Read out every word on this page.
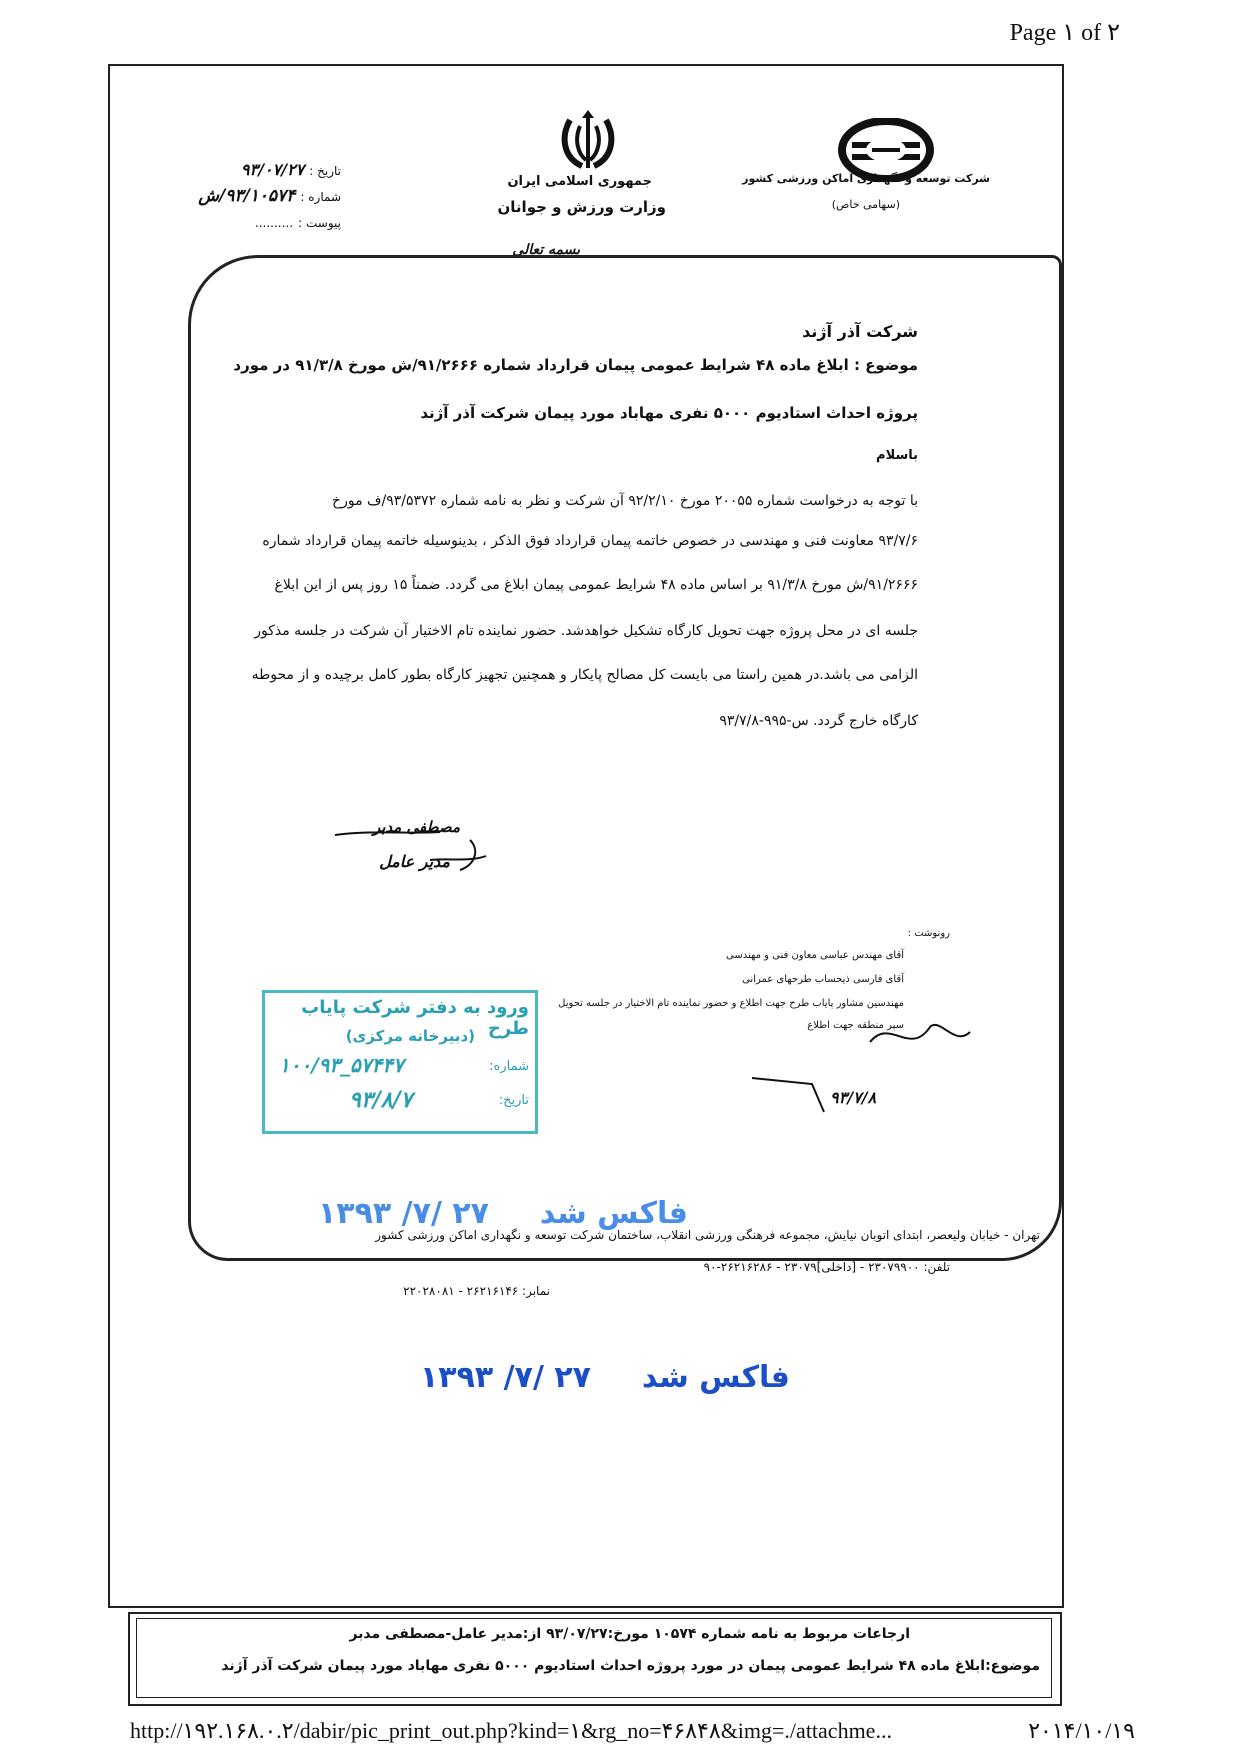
Page ۱ of ۲
شرکت توسعه و نگهداری اماکن ورزشی کشور
(سهامی خاص)
جمهوری اسلامی ایران
وزارت ورزش و جوانان
تاریخ : ۹۳/۰۷/۲۷
شماره : ۹۳/۱۰۵۷۴/ش
پیوست : ..........
بسمه تعالی
شرکت آذر آژند
موضوع : ابلاغ ماده ۴۸ شرایط عمومی پیمان قرارداد شماره ۹۱/۲۶۶۶/ش مورخ ۹۱/۳/۸ در مورد
پروژه احداث استادیوم ۵۰۰۰ نفری مهاباد مورد پیمان شرکت آذر آژند
باسلام
با توجه به درخواست شماره ۲۰۰۵۵ مورخ ۹۲/۲/۱۰ آن شرکت و نظر به نامه شماره ۹۳/۵۳۷۲/ف مورخ
۹۳/۷/۶ معاونت فنی و مهندسی در خصوص خاتمه پیمان قرارداد فوق الذکر ، بدینوسیله خاتمه پیمان قرارداد شماره
۹۱/۲۶۶۶/ش مورخ ۹۱/۳/۸ بر اساس ماده ۴۸ شرایط عمومی پیمان ابلاغ می گردد. ضمناً ۱۵ روز پس از این ابلاغ
جلسه ای در محل پروژه جهت تحویل کارگاه تشکیل خواهدشد. حضور نماینده تام الاختیار آن شرکت در جلسه مذکور
الزامی می باشد.در همین راستا می بایست کل مصالح پایکار و همچنین تجهیز کارگاه بطور کامل برچیده و از محوطه
کارگاه خارج گردد. س-۹۹۵-۹۳/۷/۸
مصطفی مدبر
مدیر عامل
رونوشت :
آقای مهندس عباسی معاون فنی و مهندسی
آقای فارسی ذیحساب طرحهای عمرانی
مهندسین مشاور پایاب طرح جهت اطلاع و حضور نماینده تام الاختیار در جلسه تحویل
سپر منطقه جهت اطلاع
۹۳/۷/۸
ورود به دفتر شرکت پایاب طرح
(دبیرخانه مرکزی)
شماره:
۱۰۰/۹۳_۵۷۴۴۷
تاریخ:
۹۳/۸/۷
۱۳۹۳ /۷/ ۲۷ فاکس شد
تهران - خیابان ولیعصر، ابتدای اتوبان نیایش، مجموعه فرهنگی ورزشی انقلاب، ساختمان شرکت توسعه و نگهداری اماکن ورزشی کشور
تلفن: ۲۳۰۷۹۹۰۰ - [داخلی]۲۳۰۷۹ - ۲۶۲۱۶۲۸۶-۹۰
نمابر: ۲۶۲۱۶۱۴۶ - ۲۲۰۲۸۰۸۱
۱۳۹۳ /۷/ ۲۷ فاکس شد
ارجاعات مربوط به نامه شماره ۱۰۵۷۴ مورخ:۹۳/۰۷/۲۷ از:مدیر عامل-مصطفی مدبر
موضوع:ابلاغ ماده ۴۸ شرایط عمومی پیمان در مورد پروژه احداث استادیوم ۵۰۰۰ نفری مهاباد مورد پیمان شرکت آذر آژند
http://۱۹۲.۱۶۸.۰.۲/dabir/pic_print_out.php?kind=۱&rg_no=۴۶۸۴۸&img=./attachme...	۲۰۱۴/۱۰/۱۹
